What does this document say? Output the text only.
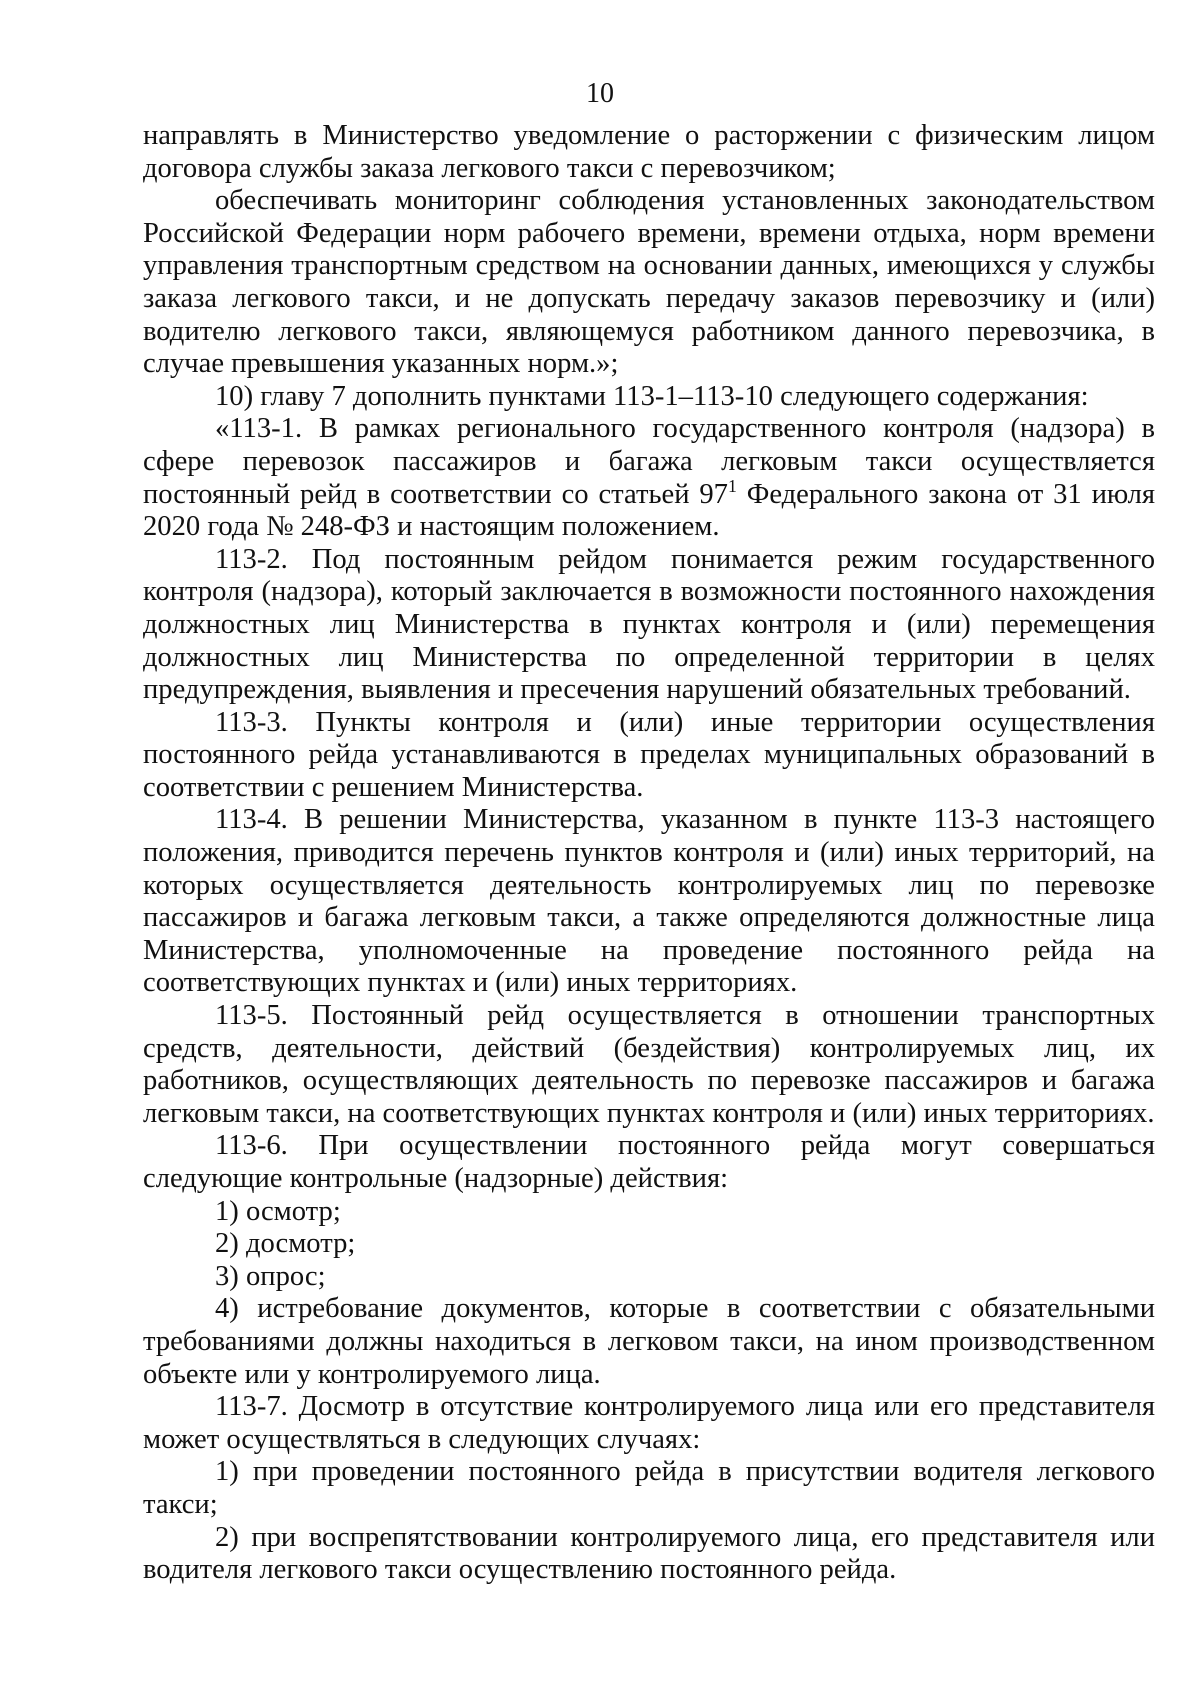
10

направлять в Министерство уведомление о расторжении с физическим лицом договора службы заказа легкового такси с перевозчиком;

обеспечивать мониторинг соблюдения установленных законодательством Российской Федерации норм рабочего времени, времени отдыха, норм времени управления транспортным средством на основании данных, имеющихся у службы заказа легкового такси, и не допускать передачу заказов перевозчику и (или) водителю легкового такси, являющемуся работником данного перевозчика, в случае превышения указанных норм.»;

10) главу 7 дополнить пунктами 113-1–113-10 следующего содержания:

«113-1. В рамках регионального государственного контроля (надзора) в сфере перевозок пассажиров и багажа легковым такси осуществляется постоянный рейд в соответствии со статьей $97^1$ Федерального закона от 31 июля 2020 года № 248-ФЗ и настоящим положением.

113-2. Под постоянным рейдом понимается режим государственного контроля (надзора), который заключается в возможности постоянного нахождения должностных лиц Министерства в пунктах контроля и (или) перемещения должностных лиц Министерства по определенной территории в целях предупреждения, выявления и пресечения нарушений обязательных требований.

113-3. Пункты контроля и (или) иные территории осуществления постоянного рейда устанавливаются в пределах муниципальных образований в соответствии с решением Министерства.

113-4. В решении Министерства, указанном в пункте 113-3 настоящего положения, приводится перечень пунктов контроля и (или) иных территорий, на которых осуществляется деятельность контролируемых лиц по перевозке пассажиров и багажа легковым такси, а также определяются должностные лица Министерства, уполномоченные на проведение постоянного рейда на соответствующих пунктах и (или) иных территориях.

113-5. Постоянный рейд осуществляется в отношении транспортных средств, деятельности, действий (бездействия) контролируемых лиц, их работников, осуществляющих деятельность по перевозке пассажиров и багажа легковым такси, на соответствующих пунктах контроля и (или) иных территориях.

113-6. При осуществлении постоянного рейда могут совершаться следующие контрольные (надзорные) действия:

1) осмотр;

2) досмотр;

3) опрос;

4) истребование документов, которые в соответствии с обязательными требованиями должны находиться в легковом такси, на ином производственном объекте или у контролируемого лица.

113-7. Досмотр в отсутствие контролируемого лица или его представителя может осуществляться в следующих случаях:

1) при проведении постоянного рейда в присутствии водителя легкового такси;

2) при воспрепятствовании контролируемого лица, его представителя или водителя легкового такси осуществлению постоянного рейда.
